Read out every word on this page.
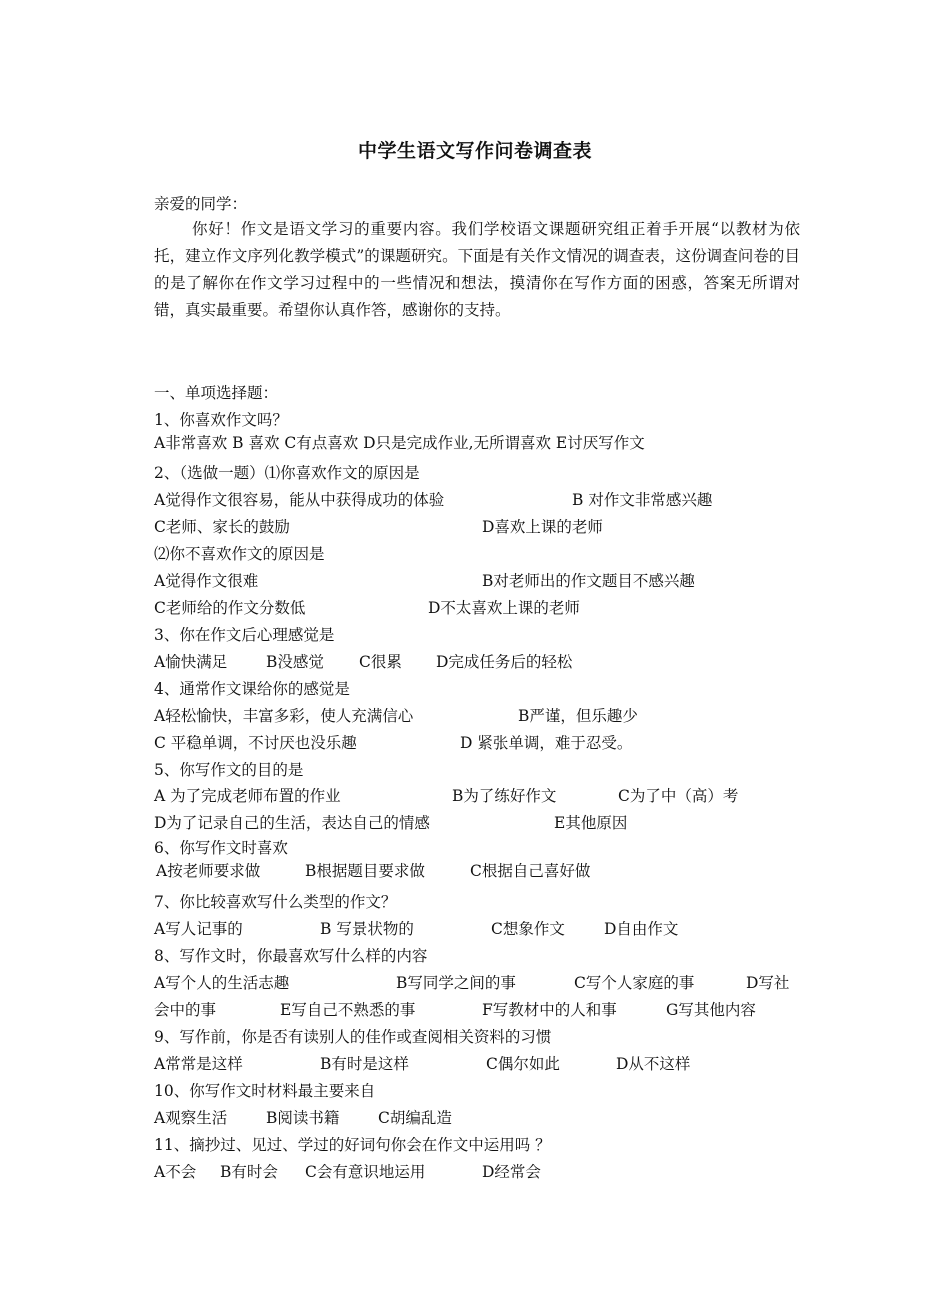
中学生语文写作问卷调查表
亲爱的同学：
你好！作文是语文学习的重要内容。我们学校语文课题研究组正着手开展“以教材为依托，建立作文序列化教学模式”的课题研究。下面是有关作文情况的调查表，这份调查问卷的目的是了解你在作文学习过程中的一些情况和想法，摸清你在写作方面的困惑，答案无所谓对错，真实最重要。希望你认真作答，感谢你的支持。
一、单项选择题：
1、你喜欢作文吗？
A非常喜欢 B 喜欢 C有点喜欢 D只是完成作业,无所谓喜欢 E讨厌写作文
2、（选做一题）⑴你喜欢作文的原因是
A觉得作文很容易，能从中获得成功的体验	B 对作文非常感兴趣
C老师、家长的鼓励	D喜欢上课的老师
⑵你不喜欢作文的原因是
A觉得作文很难	B对老师出的作文题目不感兴趣
C老师给的作文分数低	D不太喜欢上课的老师
3、你在作文后心理感觉是
A愉快满足	B没感觉 C很累 D完成任务后的轻松
4、通常作文课给你的感觉是
A轻松愉快，丰富多彩，使人充满信心	B严谨，但乐趣少
C 平稳单调，不讨厌也没乐趣	D 紧张单调，难于忍受。
5、你写作文的目的是
A 为了完成老师布置的作业	B为了练好作文	C为了中（高）考
D为了记录自己的生活，表达自己的情感	E其他原因
6、你写作文时喜欢
A按老师要求做	B根据题目要求做	C根据自己喜好做
7、你比较喜欢写什么类型的作文？
A写人记事的	B 写景状物的	C想象作文	D自由作文
8、写作文时，你最喜欢写什么样的内容
A写个人的生活志趣	B写同学之间的事	C写个人家庭的事	D写社
会中的事	E写自己不熟悉的事	F写教材中的人和事	G写其他内容
9、写作前，你是否有读别人的佳作或查阅相关资料的习惯
A常常是这样	B有时是这样	C偶尔如此	D从不这样
10、你写作文时材料最主要来自
A观察生活	B阅读书籍 C胡编乱造
11、摘抄过、见过、学过的好词句你会在作文中运用吗 ？
A不会 B有时会 C会有意识地运用	D经常会
